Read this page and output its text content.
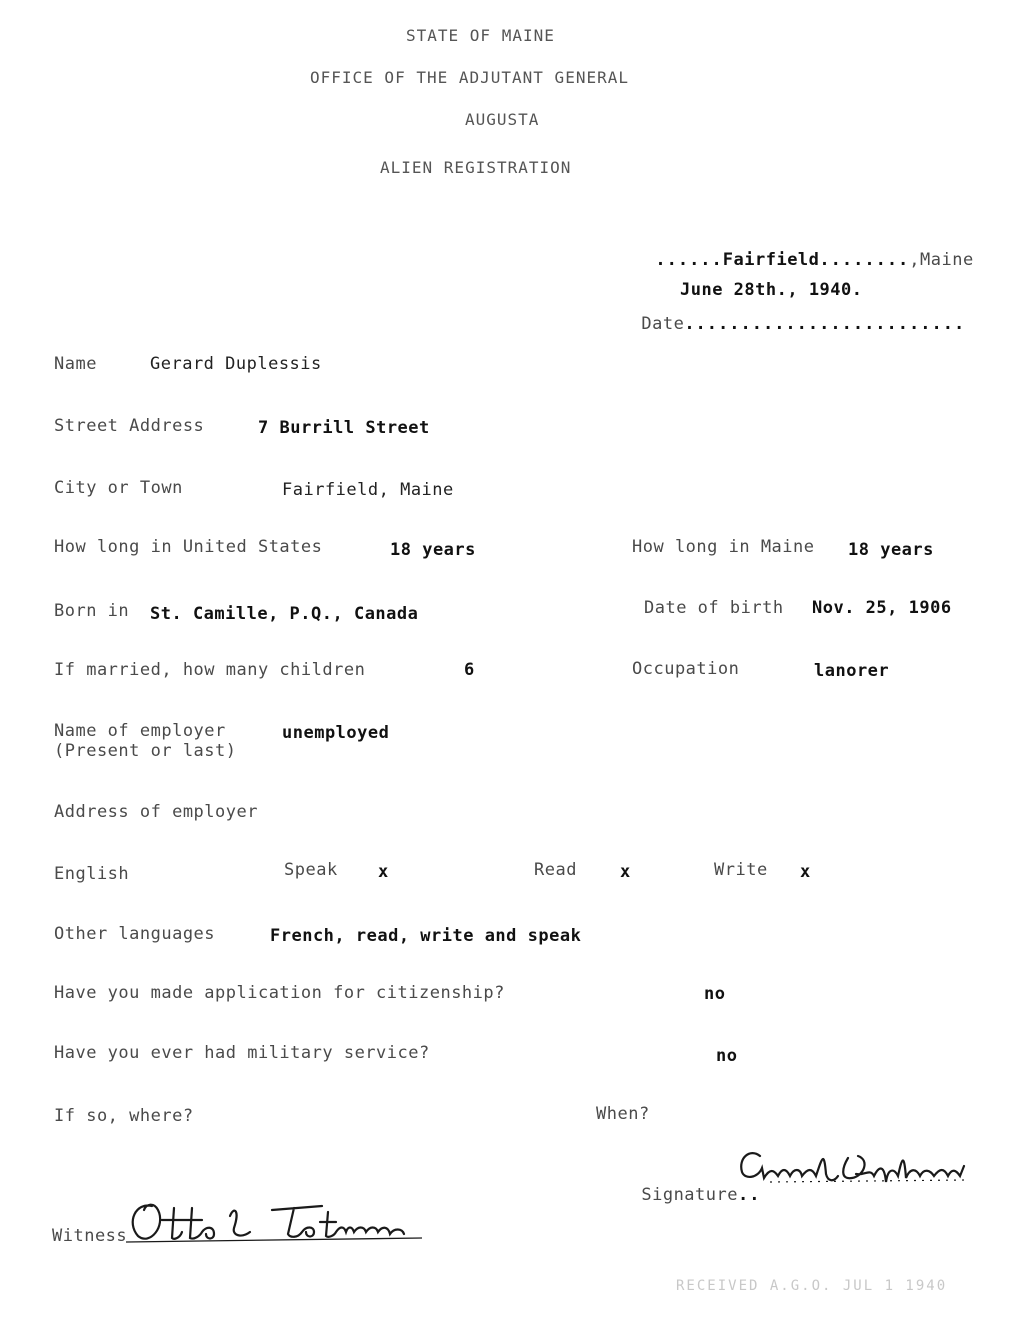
STATE OF MAINE
OFFICE OF THE ADJUTANT GENERAL
AUGUSTA
ALIEN REGISTRATION

......Fairfield........,Maine

June 28th., 1940.

Date.........................

Name	Gerard Duplessis
Street Address	7 Burrill Street
City or Town	Fairfield, Maine
How long in United States	18 years	How long in Maine 18 years
Born in St. Camille, P.Q., Canada	Date of birth Nov. 25, 1906
If married, how many children	6	Occupation	lanorer
Name of employer
(Present or last)
unemployed
Address of employer
English	Speak x	Read	x	Write x
Other languages	French, read, write and speak
Have you made application for citizenship?	no
Have you ever had military service?	no
If so, where?	When?

Signature..

Witness
RECEIVED A.G.O. JUL 1 1940
